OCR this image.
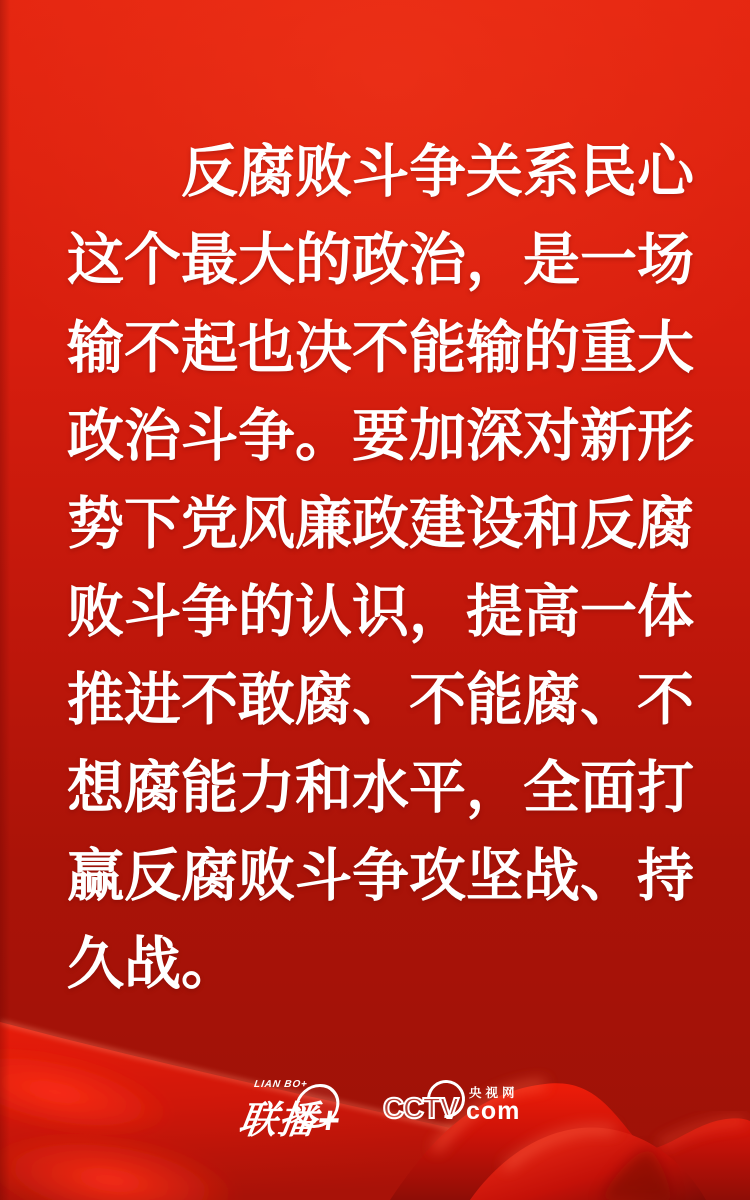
反腐败斗争关系民心
这个最大的政治，是一场
输不起也决不能输的重大
政治斗争。要加深对新形
势下党风廉政建设和反腐
败斗争的认识，提高一体
推进不敢腐、不能腐、不
想腐能力和水平，全面打
赢反腐败斗争攻坚战、持
久战。
LIAN BO+
联播+ CCTV 央视网
com
